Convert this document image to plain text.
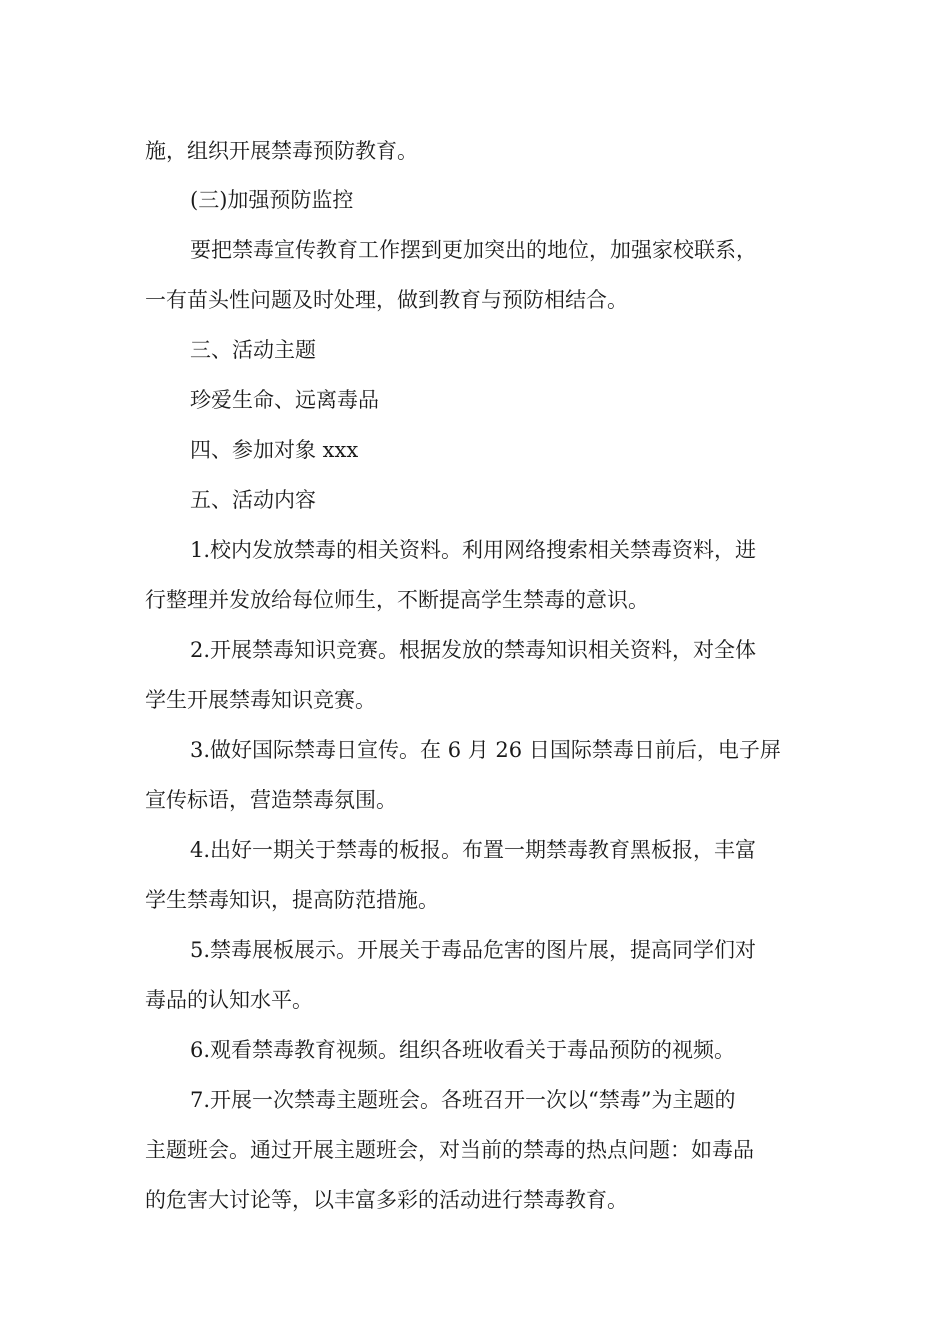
施，组织开展禁毒预防教育。
(三)加强预防监控
要把禁毒宣传教育工作摆到更加突出的地位，加强家校联系，
一有苗头性问题及时处理，做到教育与预防相结合。
三、活动主题
珍爱生命、远离毒品
四、参加对象 xxx
五、活动内容
1.校内发放禁毒的相关资料。利用网络搜索相关禁毒资料，进
行整理并发放给每位师生，不断提高学生禁毒的意识。
2.开展禁毒知识竞赛。根据发放的禁毒知识相关资料，对全体
学生开展禁毒知识竞赛。
3.做好国际禁毒日宣传。在 6 月 26 日国际禁毒日前后，电子屏
宣传标语，营造禁毒氛围。
4.出好一期关于禁毒的板报。布置一期禁毒教育黑板报，丰富
学生禁毒知识，提高防范措施。
5.禁毒展板展示。开展关于毒品危害的图片展，提高同学们对
毒品的认知水平。
6.观看禁毒教育视频。组织各班收看关于毒品预防的视频。
7.开展一次禁毒主题班会。各班召开一次以“禁毒”为主题的
主题班会。通过开展主题班会，对当前的禁毒的热点问题：如毒品
的危害大讨论等，以丰富多彩的活动进行禁毒教育。
